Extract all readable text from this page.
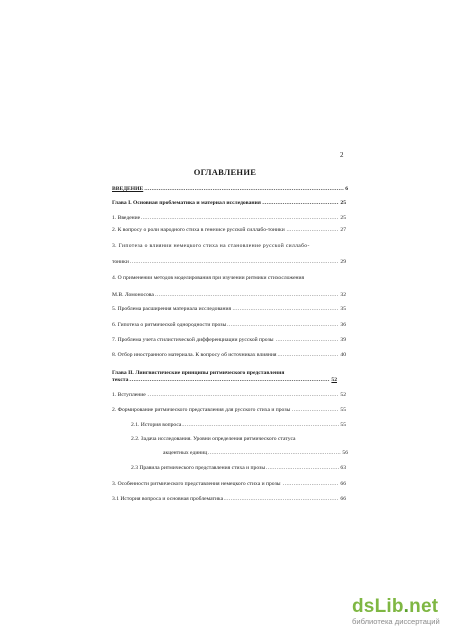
2
ОГЛАВЛЕНИЕ
..... ВВЕДЕНИЕ	6
..... Глава I. Основная проблематика и материал исследования	25
..... 1. Введение	25
..... 2. К вопросу о роли народного стиха в генезисе русской силлабо-тоники	27
3. Гипотеза о влиянии немецкого стиха на становление русской силлабо-
..... тоники	29
4. О применении методов моделирования при изучении ритмики стихосложения
..... М.В. Ломоносова	32
..... 5. Проблема расширения материала исследования	35
..... 6. Гипотеза о ритмической однородности прозы	36
..... 7. Проблема учета стилистической дифференциации русской прозы	39
..... 8. Отбор иностранного материала. К вопросу об источниках влияния	40
Глава II. Лингвистические принципы ритмического представления
..... текста	52
..... 1. Вступление	52
..... 2. Формирование ритмического представления для русского стиха и прозы	55
..... 2.1. История вопроса	55
2.2. Задача исследования. Уровни определения ритмического статуса
..... акцентных единиц	56
..... 2.3 Правила ритмического представления стиха и прозы	63
..... 3. Особенности ритмического представления немецкого стиха и прозы	66
..... 3.1 История вопроса и основная проблематика	66
dsLib.net
библиотека диссертаций
